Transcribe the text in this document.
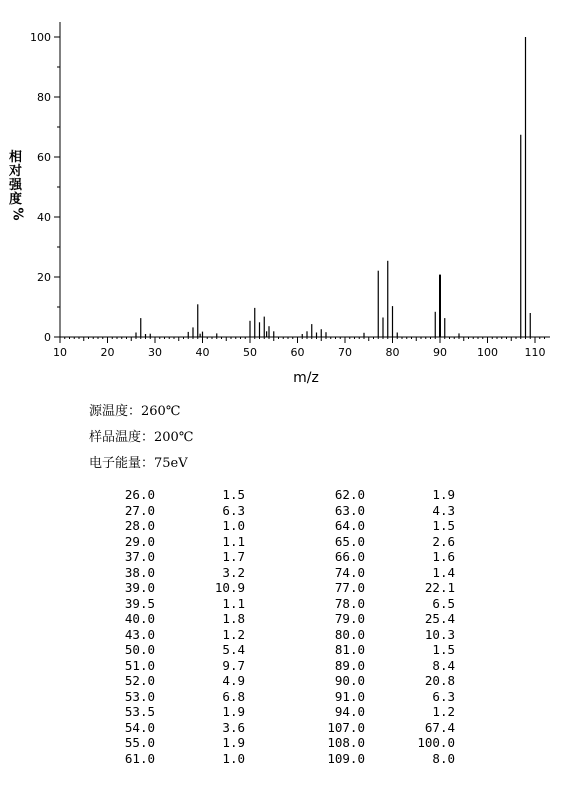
0
20
40
60
80
100
10	20	30	40	50	60	70	80	90	100 110
m/z
相
对
强
度
%
源温度：260℃
样品温度：200℃
电子能量：75eV
26.0	1.5	62.0	1.9
27.0	6.3	63.0	4.3
28.0	1.0	64.0	1.5
29.0	1.1	65.0	2.6
37.0	1.7	66.0	1.6
38.0	3.2	74.0	1.4
39.0	10.9	77.0	22.1
39.5	1.1	78.0	6.5
40.0	1.8	79.0	25.4
43.0	1.2	80.0	10.3
50.0	5.4	81.0	1.5
51.0	9.7	89.0	8.4
52.0	4.9	90.0	20.8
53.0	6.8	91.0	6.3
53.5	1.9	94.0	1.2
54.0	3.6	107.0	67.4
55.0	1.9	108.0	100.0
61.0	1.0	109.0	8.0
